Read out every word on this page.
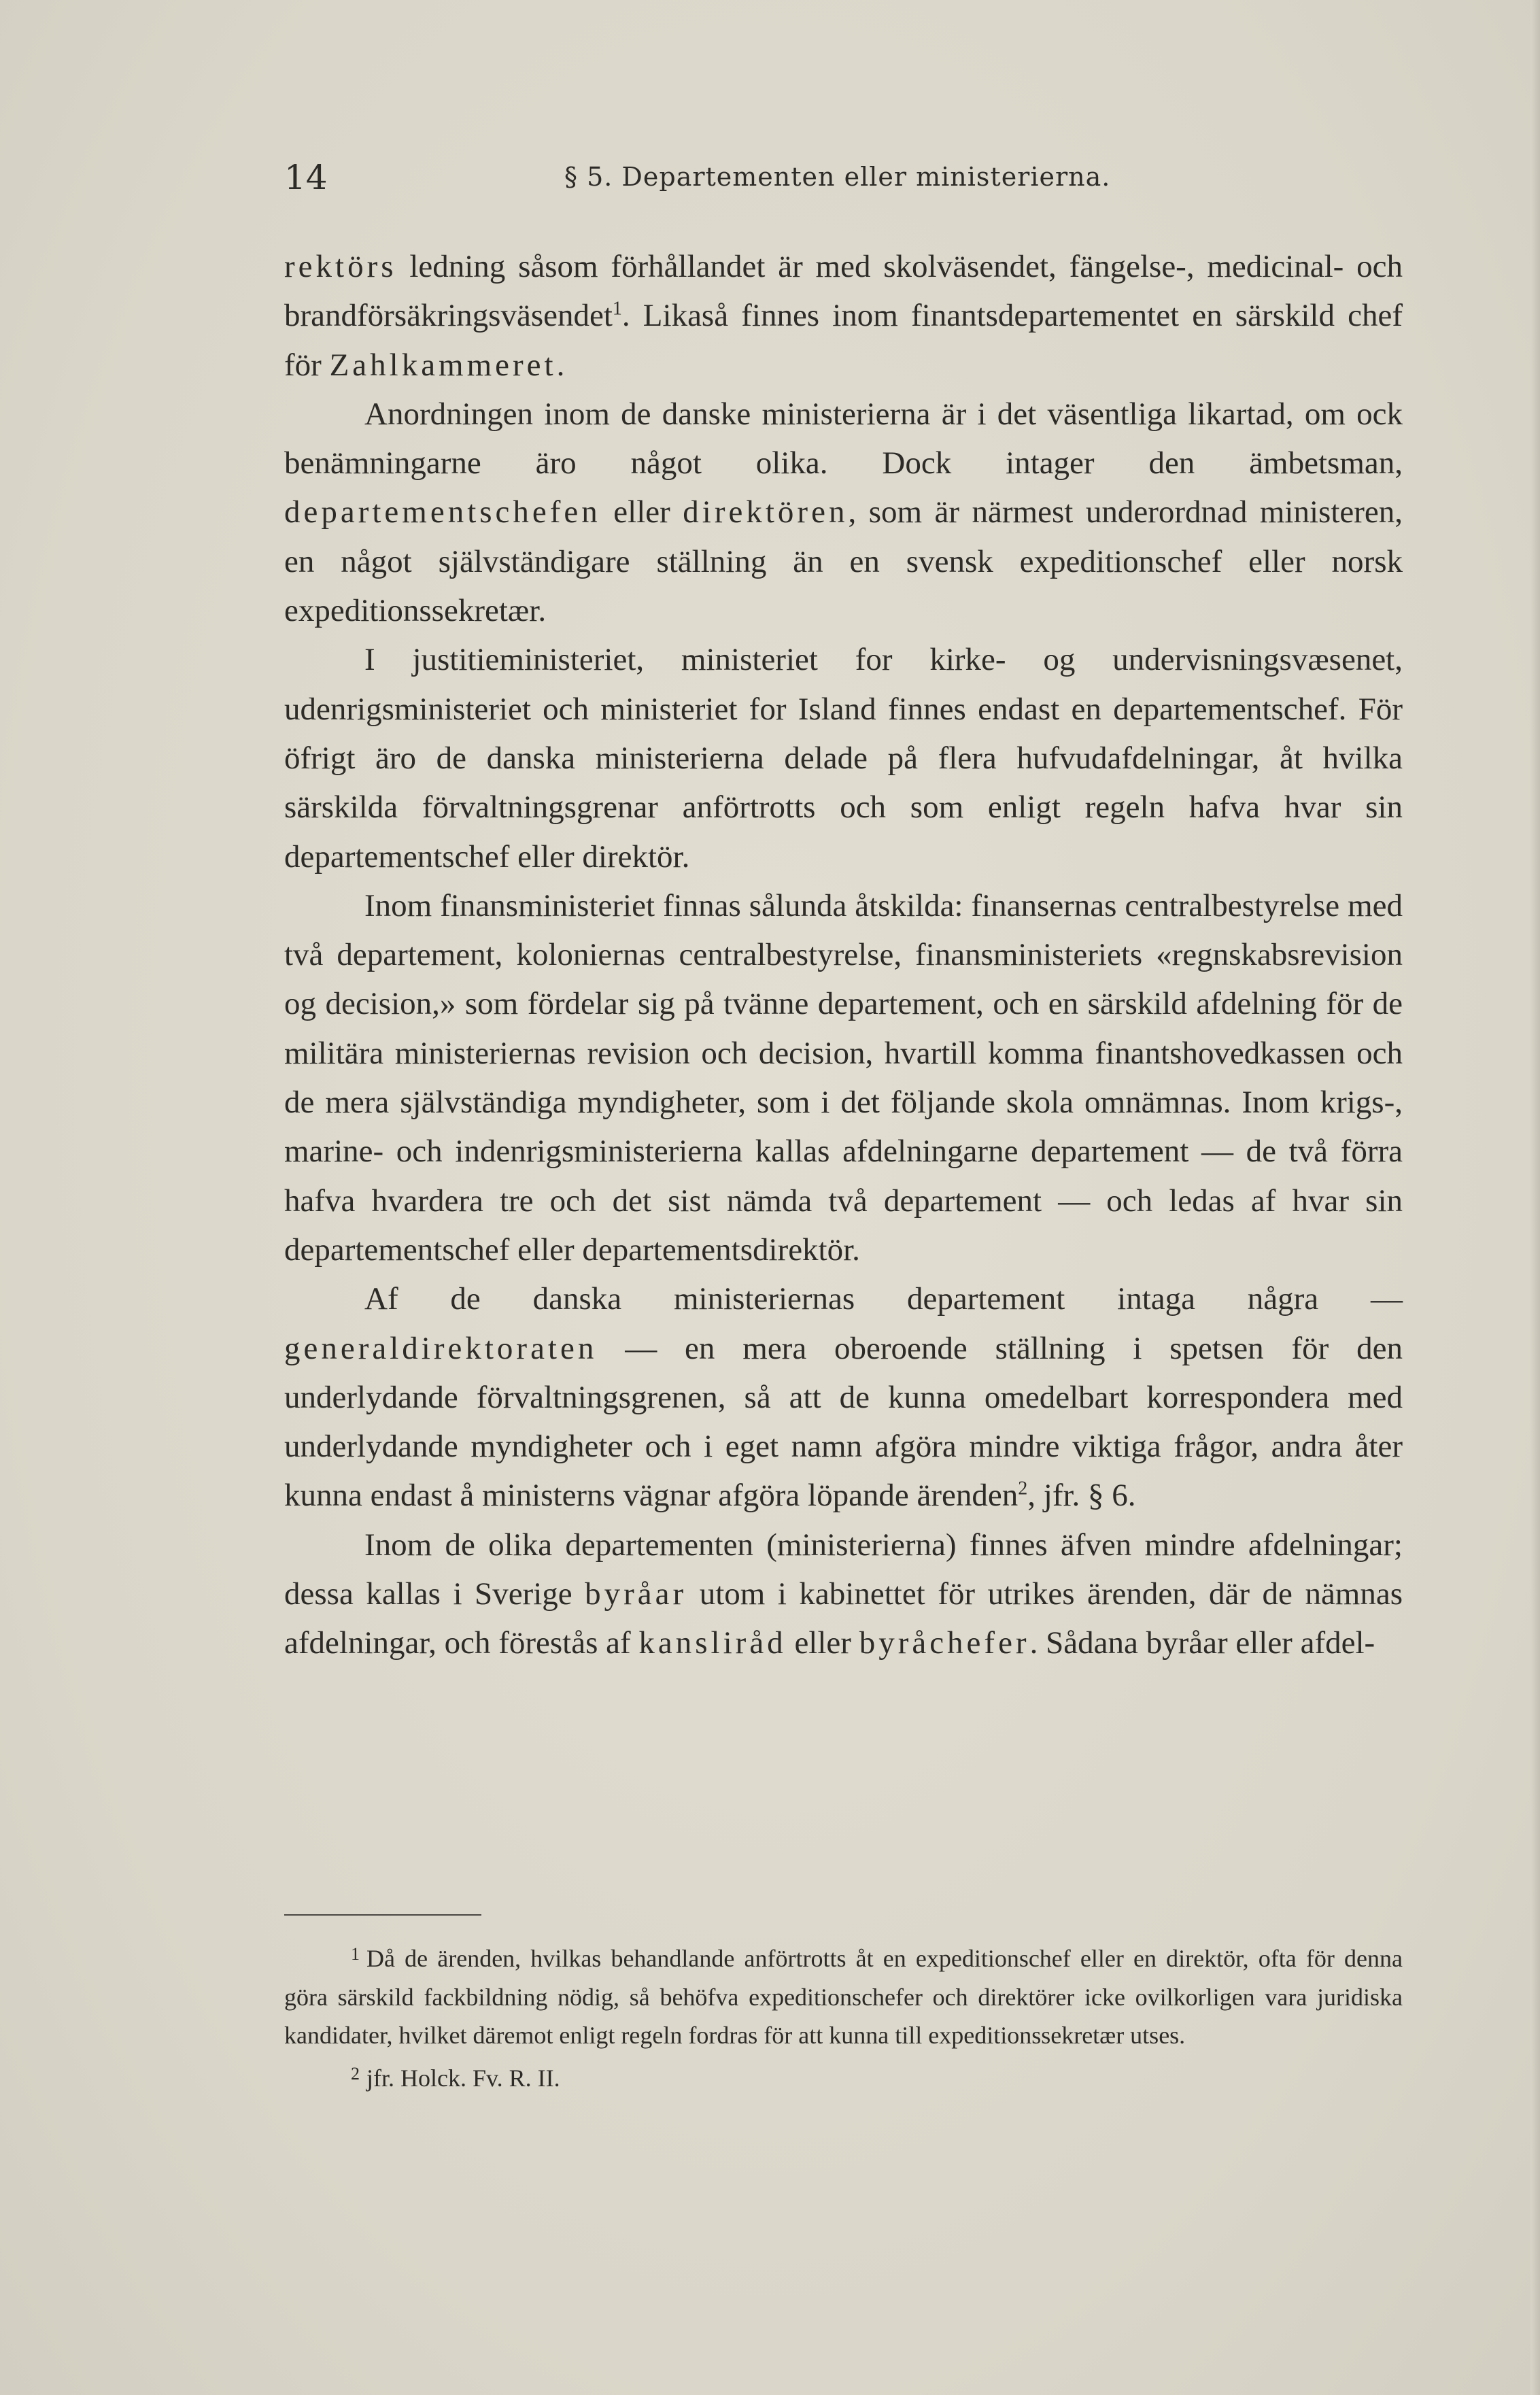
14	§ 5. Departementen eller ministerierna.

rektörs ledning såsom förhållandet är med skolväsendet, fängelse-, medicinal- och brandförsäkringsväsendet$^1$. Likaså finnes inom finantsdepartementet en särskild chef för Zahlkammeret.

Anordningen inom de danske ministerierna är i det väsentliga likartad, om ock benämningarne äro något olika. Dock intager den ämbetsman, departementschefen eller direktören, som är närmest underordnad ministeren, en något självständigare ställning än en svensk expeditionschef eller norsk expeditionssekretær.

I justitieministeriet, ministeriet for kirke- og undervisningsvæsenet, udenrigsministeriet och ministeriet for Island finnes endast en departementschef. För öfrigt äro de danska ministerierna delade på flera hufvudafdelningar, åt hvilka särskilda förvaltningsgrenar anförtrotts och som enligt regeln hafva hvar sin departementschef eller direktör.

Inom finansministeriet finnas sålunda åtskilda: finansernas centralbestyrelse med två departement, koloniernas centralbestyrelse, finansministeriets «regnskabsrevision og decision,» som fördelar sig på tvänne departement, och en särskild afdelning för de militära ministeriernas revision och decision, hvartill komma finantshovedkassen och de mera självständiga myndigheter, som i det följande skola omnämnas. Inom krigs-, marine- och indenrigsministerierna kallas afdelningarne departement — de två förra hafva hvardera tre och det sist nämda två departement — och ledas af hvar sin departementschef eller departementsdirektör.

Af de danska ministeriernas departement intaga några — generaldirektoraten — en mera oberoende ställning i spetsen för den underlydande förvaltningsgrenen, så att de kunna omedelbart korrespondera med underlydande myndigheter och i eget namn afgöra mindre viktiga frågor, andra åter kunna endast å ministerns vägnar afgöra löpande ärenden$^2$, jfr. § 6.

Inom de olika departementen (ministerierna) finnes äfven mindre afdelningar; dessa kallas i Sverige byråar utom i kabinettet för utrikes ärenden, där de nämnas afdelningar, och förestås af kansliråd eller byråchefer. Sådana byråar eller afdel-

$^1$ Då de ärenden, hvilkas behandlande anförtrotts åt en expeditionschef eller en direktör, ofta för denna göra särskild fackbildning nödig, så behöfva expeditionschefer och direktörer icke ovilkorligen vara juridiska kandidater, hvilket däremot enligt regeln fordras för att kunna till expeditionssekretær utses.

$^2$ jfr. Holck. Fv. R. II.
